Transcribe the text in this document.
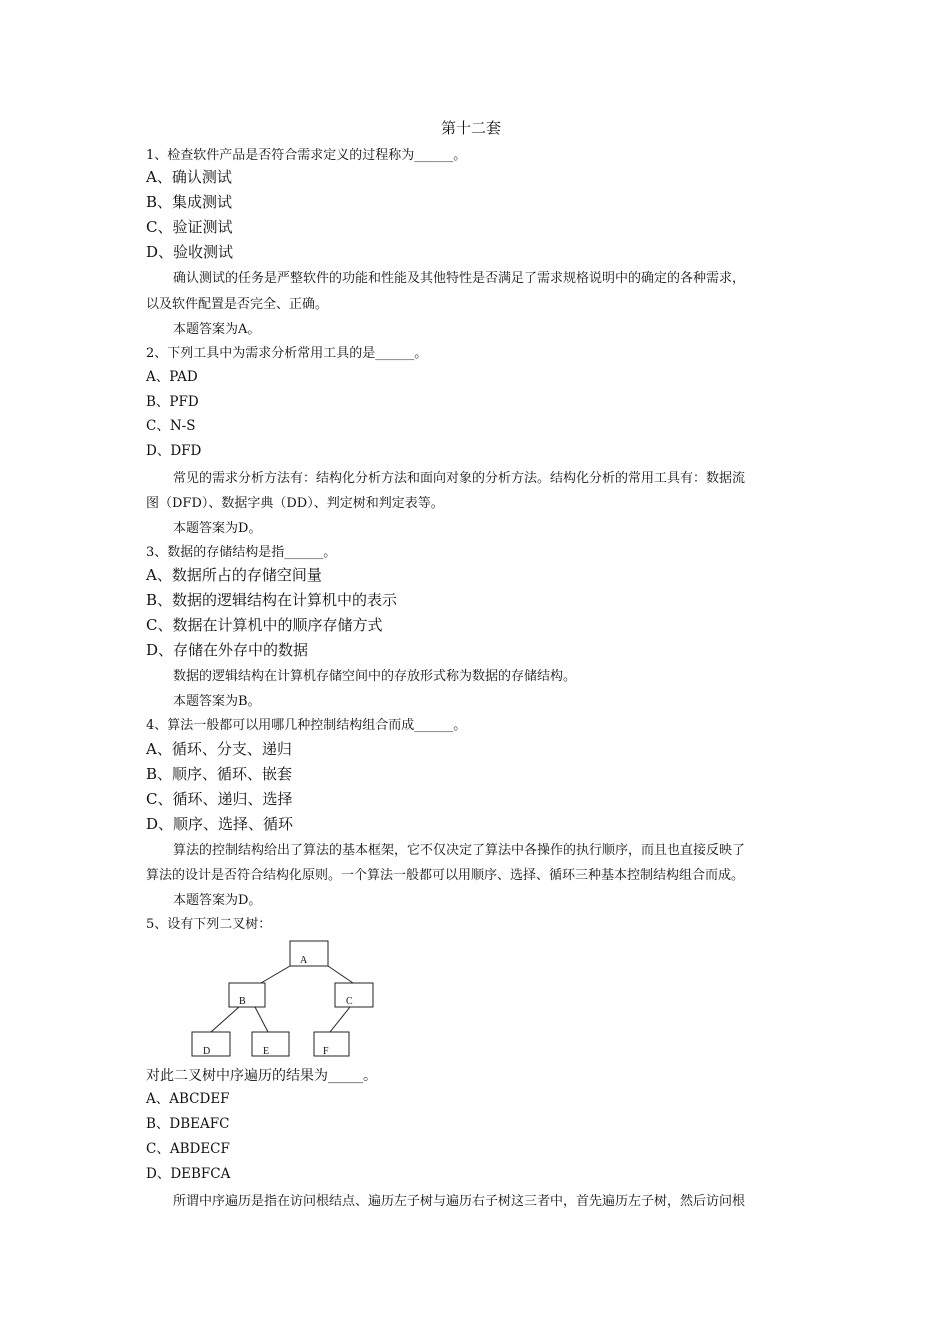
第十二套
1、检查软件产品是否符合需求定义的过程称为______。
A、确认测试
B、集成测试
C、验证测试
D、验收测试
确认测试的任务是严整软件的功能和性能及其他特性是否满足了需求规格说明中的确定的各种需求，
以及软件配置是否完全、正确。
本题答案为A。
2、下列工具中为需求分析常用工具的是______。
A、PAD
B、PFD
C、N-S
D、DFD
常见的需求分析方法有：结构化分析方法和面向对象的分析方法。结构化分析的常用工具有：数据流
图（DFD）、数据字典（DD）、判定树和判定表等。
本题答案为D。
3、数据的存储结构是指______。
A、数据所占的存储空间量
B、数据的逻辑结构在计算机中的表示
C、数据在计算机中的顺序存储方式
D、存储在外存中的数据
数据的逻辑结构在计算机存储空间中的存放形式称为数据的存储结构。
本题答案为B。
4、算法一般都可以用哪几种控制结构组合而成______。
A、循环、分支、递归
B、顺序、循环、嵌套
C、循环、递归、选择
D、顺序、选择、循环
算法的控制结构给出了算法的基本框架，它不仅决定了算法中各操作的执行顺序，而且也直接反映了
算法的设计是否符合结构化原则。一个算法一般都可以用顺序、选择、循环三种基本控制结构组合而成。
本题答案为D。
5、设有下列二叉树：
A
B	C
D	E	F
对此二叉树中序遍历的结果为_____。
A、ABCDEF
B、DBEAFC
C、ABDECF
D、DEBFCA
所谓中序遍历是指在访问根结点、遍历左子树与遍历右子树这三者中，首先遍历左子树，然后访问根
